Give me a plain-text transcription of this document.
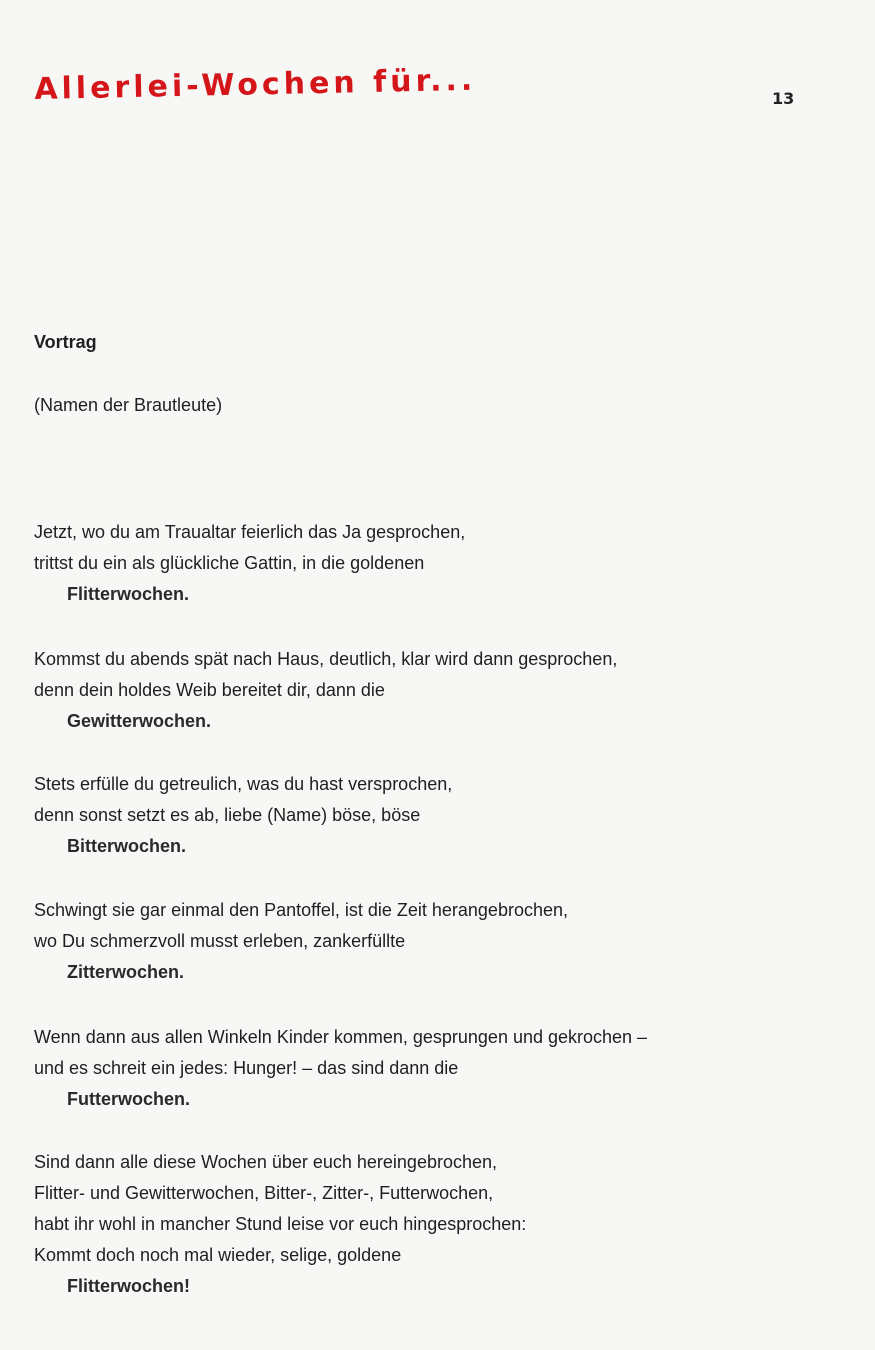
Allerlei-Wochen für...	13
Vortrag
(Namen der Brautleute)
Jetzt, wo du am Traualtar feierlich das Ja gesprochen,
trittst du ein als glückliche Gattin, in die goldenen
Flitterwochen.
Kommst du abends spät nach Haus, deutlich, klar wird dann gesprochen,
denn dein holdes Weib bereitet dir, dann die
Gewitterwochen.
Stets erfülle du getreulich, was du hast versprochen,
denn sonst setzt es ab, liebe (Name) böse, böse
Bitterwochen.
Schwingt sie gar einmal den Pantoffel, ist die Zeit herangebrochen,
wo Du schmerzvoll musst erleben, zankerfüllte
Zitterwochen.
Wenn dann aus allen Winkeln Kinder kommen, gesprungen und gekrochen –
und es schreit ein jedes: Hunger! – das sind dann die
Futterwochen.
Sind dann alle diese Wochen über euch hereingebrochen,
Flitter- und Gewitterwochen, Bitter-, Zitter-, Futterwochen,
habt ihr wohl in mancher Stund leise vor euch hingesprochen:
Kommt doch noch mal wieder, selige, goldene
Flitterwochen!
